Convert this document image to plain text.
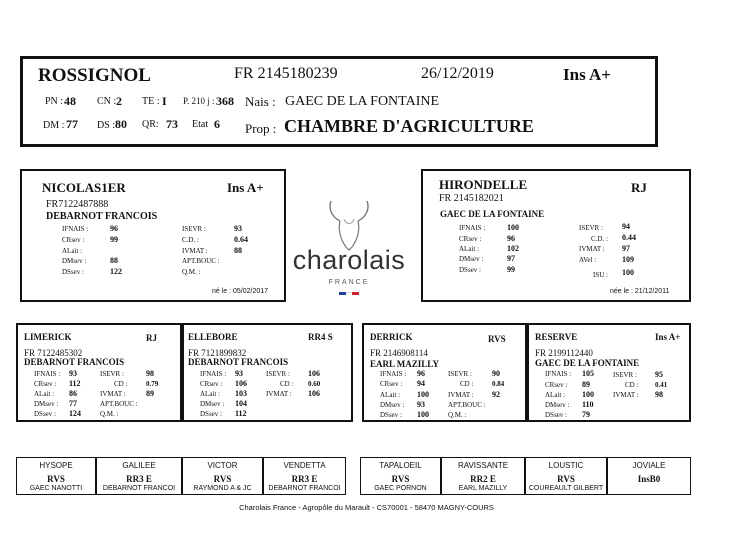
ROSSIGNOL	FR 2145180239	26/12/2019	Ins A+
PN : 48 CN : 2 TE : I P. 210 j : 368 Nais : GAEC DE LA FONTAINE
DM : 77 DS : 80 QR: 73 Etat 6 Prop : CHAMBRE D'AGRICULTURE
NICOLAS1ER	Ins A+
FR7122487888
DEBARNOT FRANCOIS
IFNAIS :	96
CRsev :	99
ALait :
DMsev :	88
DSsev :	122
ISEVR :	93
C.D. :	0.64
IVMAT :	88
APT.BOUC :
Q.M. :
né le : 05/02/2017
charolais
FRANCE
HIRONDELLE	RJ
FR 2145182021
GAEC DE LA FONTAINE
IFNAIS :	100
CRsev :	96
ALait :	102
DMsev :	97
DSsev :	99
ISEVR : 94
C.D. : 0.44
IVMAT : 97
AVel :	109
ISU : 100
née le : 21/12/2011
LIMERICK	RJ
FR 7122485302
DEBARNOT FRANCOIS
IFNAIS : 93
CRsev : 112
ALait : 86
DMsev : 77
DSsev : 124
ISEVR :	98
CD :	0.79
IVMAT :	89
APT.BOUC :
Q.M. :
ELLEBORE	RR4 S
FR 7121899832
DEBARNOT FRANCOIS
IFNAIS : 93
CRsev : 106
ALait : 103
DMsev : 104
DSsev : 112
ISEVR : 106
CD : 0.60
IVMAT : 106
DERRICK	RVS
FR 2146908114
EARL MAZILLY
IFNAIS : 96
CRsev : 94
ALait : 100
DMsev : 93
DSsev : 100
ISEVR :	90
CD :	0.84
IVMAT : 92
APT.BOUC :
Q.M. :
RESERVE	Ins A+
FR 2199112440
GAEC DE LA FONTAINE
IFNAIS : 105
CRsev : 89
ALait : 100
DMsev : 110
DSsev : 79
ISEVR : 95
CD : 0.41
IVMAT : 98
HYSOPE
RVS
GAEC NANOTTI
GALILEE
RR3 E
DEBARNOT FRANCOI
VICTOR
RVS
RAYMOND A & JC
VENDETTA
RR3 E
DEBARNOT FRANCOI
TAPALOEIL
RVS
GAEC PORNON
RAVISSANTE
RR2 E
EARL MAZILLY
LOUSTIC
RVS
COUREAULT GILBERT
JOVIALE
InsB0
Charolais France - Agropôle du Marault - CS70001 - 58470 MAGNY-COURS
